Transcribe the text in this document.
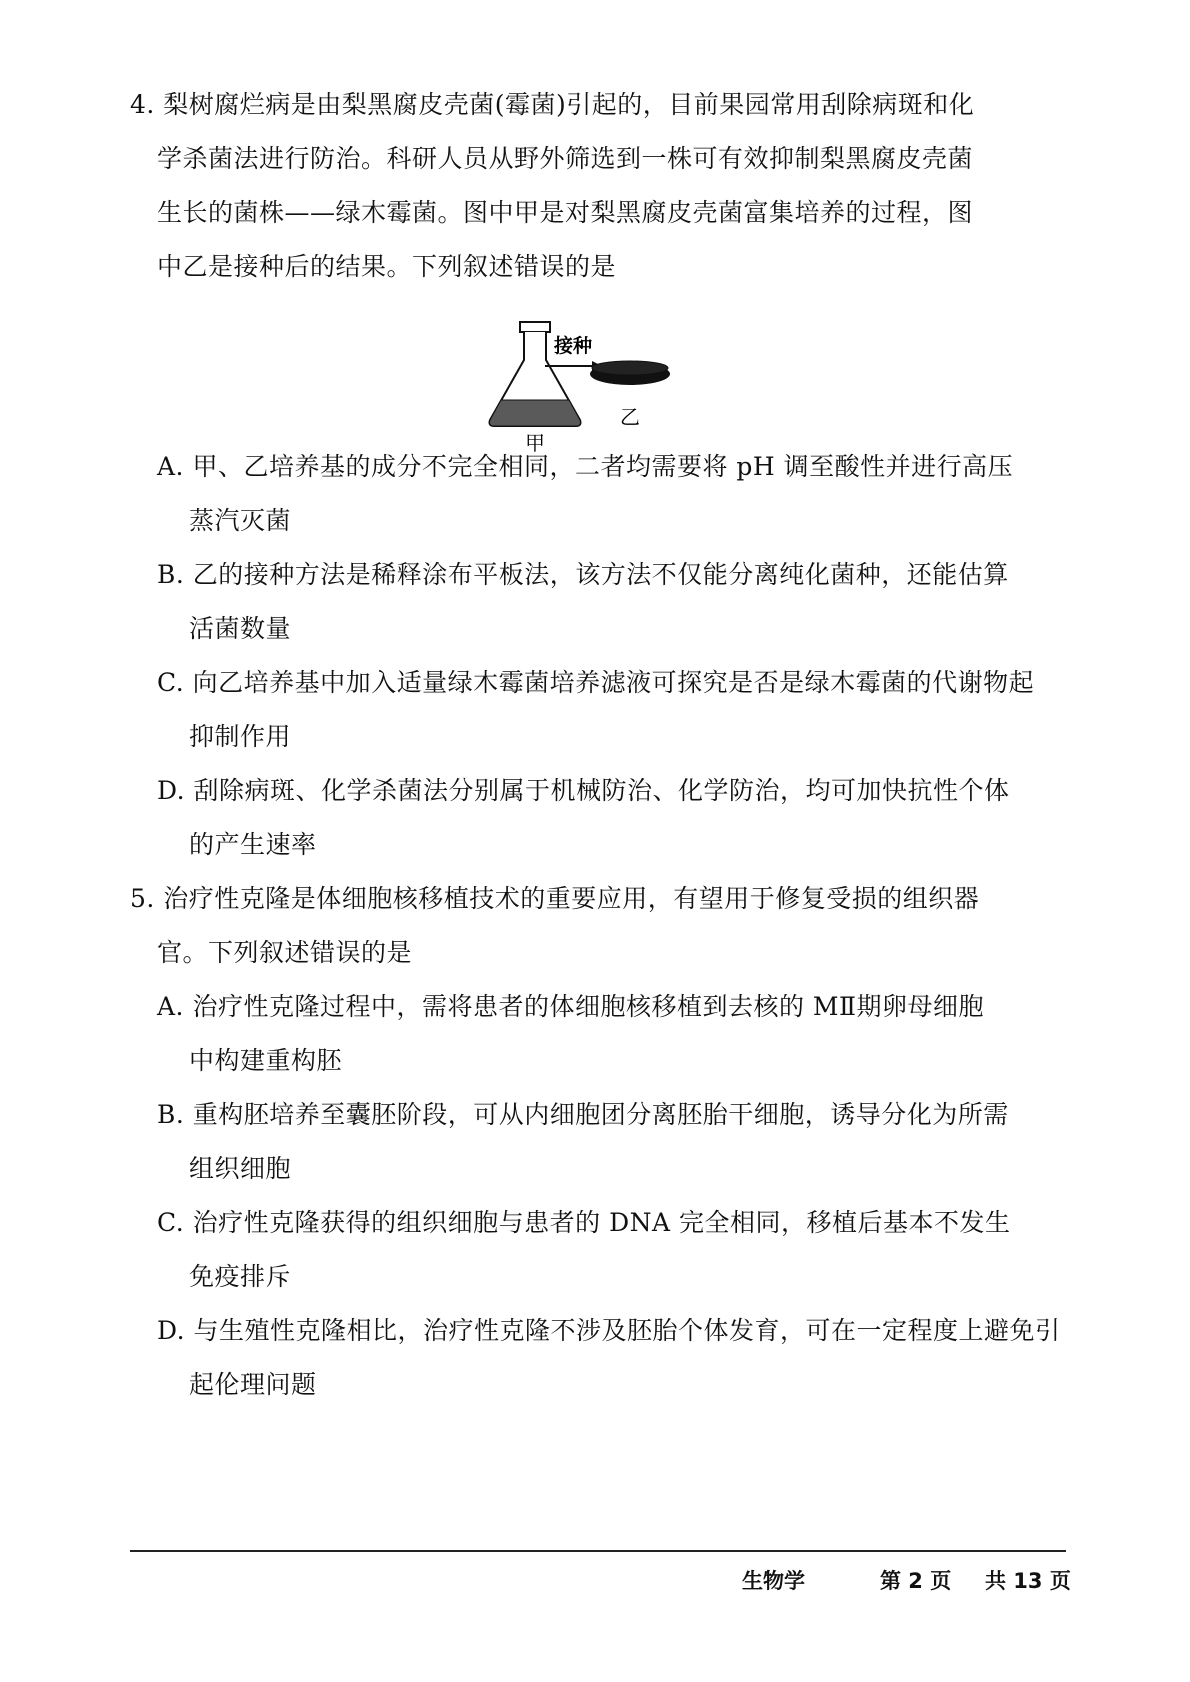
4. 梨树腐烂病是由梨黑腐皮壳菌(霉菌)引起的，目前果园常用刮除病斑和化
学杀菌法进行防治。科研人员从野外筛选到一株可有效抑制梨黑腐皮壳菌
生长的菌株——绿木霉菌。图中甲是对梨黑腐皮壳菌富集培养的过程，图
中乙是接种后的结果。下列叙述错误的是
甲
接种
乙
A. 甲、乙培养基的成分不完全相同，二者均需要将 pH 调至酸性并进行高压
蒸汽灭菌
B. 乙的接种方法是稀释涂布平板法，该方法不仅能分离纯化菌种，还能估算
活菌数量
C. 向乙培养基中加入适量绿木霉菌培养滤液可探究是否是绿木霉菌的代谢物起
抑制作用
D. 刮除病斑、化学杀菌法分别属于机械防治、化学防治，均可加快抗性个体
的产生速率
5. 治疗性克隆是体细胞核移植技术的重要应用，有望用于修复受损的组织器
官。下列叙述错误的是
A. 治疗性克隆过程中，需将患者的体细胞核移植到去核的 MⅡ期卵母细胞
中构建重构胚
B. 重构胚培养至囊胚阶段，可从内细胞团分离胚胎干细胞，诱导分化为所需
组织细胞
C. 治疗性克隆获得的组织细胞与患者的 DNA 完全相同，移植后基本不发生
免疫排斥
D. 与生殖性克隆相比，治疗性克隆不涉及胚胎个体发育，可在一定程度上避免引
起伦理问题
生物学	第 2 页 共 13 页
